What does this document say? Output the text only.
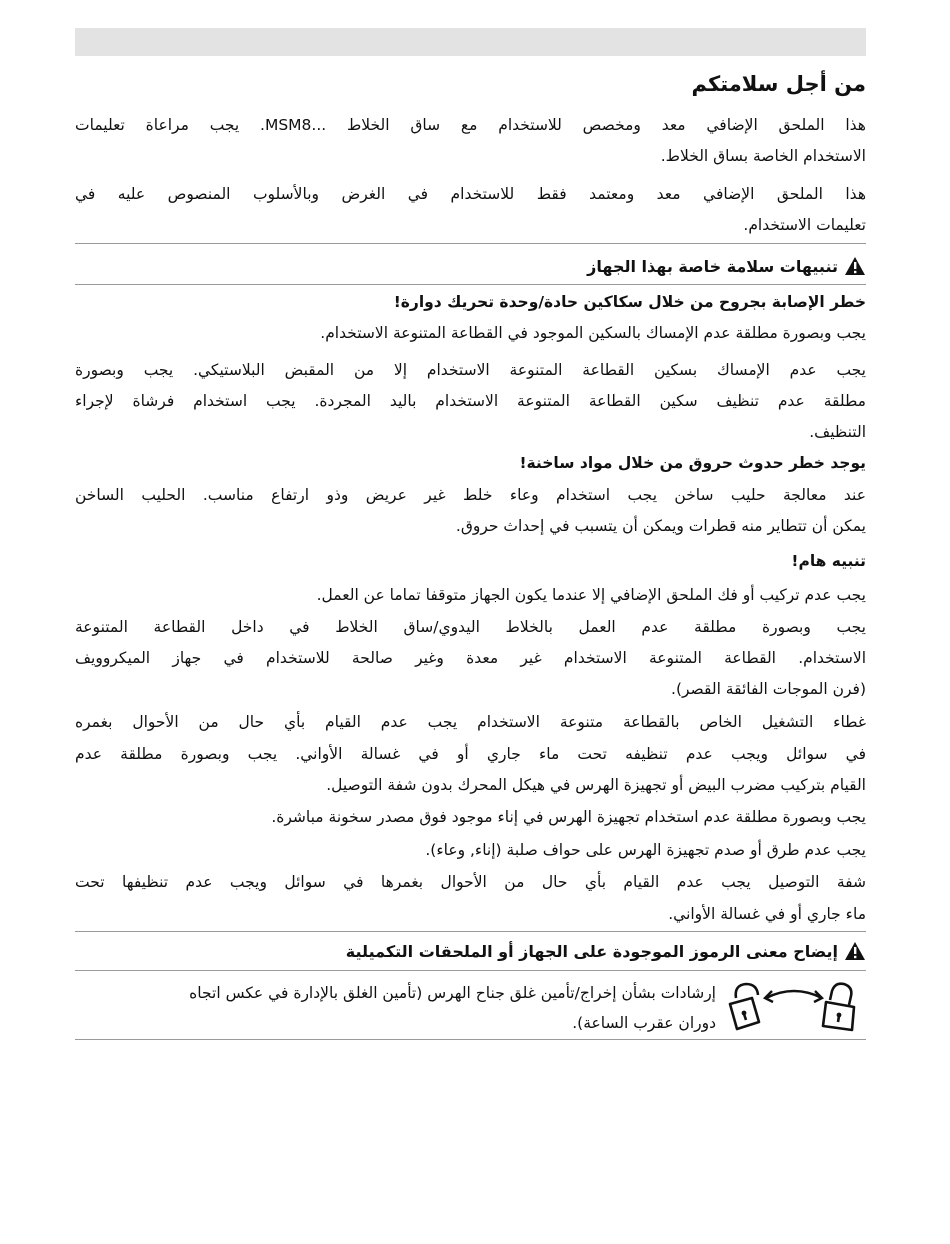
من أجل سلامتكم
هذا الملحق الإضافي معد ومخصص للاستخدام مع ساق الخلاط ...MSM8. يجب مراعاة تعليمات
الاستخدام الخاصة بساق الخلاط.
هذا الملحق الإضافي معد ومعتمد فقط للاستخدام في الغرض وبالأسلوب المنصوص عليه في
تعليمات الاستخدام.
تنبيهات سلامة خاصة بهذا الجهاز
خطر الإصابة بجروح من خلال سكاكين حادة/وحدة تحريك دوارة!
يجب وبصورة مطلقة عدم الإمساك بالسكين الموجود في القطاعة المتنوعة الاستخدام.
يجب عدم الإمساك بسكين القطاعة المتنوعة الاستخدام إلا من المقبض البلاستيكي. يجب وبصورة
مطلقة عدم تنظيف سكين القطاعة المتنوعة الاستخدام باليد المجردة. يجب استخدام فرشاة لإجراء
التنظيف.
يوجد خطر حدوث حروق من خلال مواد ساخنة!
عند معالجة حليب ساخن يجب استخدام وعاء خلط غير عريض وذو ارتفاع مناسب. الحليب الساخن
يمكن أن تتطاير منه قطرات ويمكن أن يتسبب في إحداث حروق.
تنبيه هام!
يجب عدم تركيب أو فك الملحق الإضافي إلا عندما يكون الجهاز متوقفا تماما عن العمل.
يجب وبصورة مطلقة عدم العمل بالخلاط اليدوي/ساق الخلاط في داخل القطاعة المتنوعة
الاستخدام. القطاعة المتنوعة الاستخدام غير معدة وغير صالحة للاستخدام في جهاز الميكروويف
(فرن الموجات الفائقة القصر).
غطاء التشغيل الخاص بالقطاعة متنوعة الاستخدام يجب عدم القيام بأي حال من الأحوال بغمره
في سوائل ويجب عدم تنظيفه تحت ماء جاري أو في غسالة الأواني. يجب وبصورة مطلقة عدم
القيام بتركيب مضرب البيض أو تجهيزة الهرس في هيكل المحرك بدون شفة التوصيل.
يجب وبصورة مطلقة عدم استخدام تجهيزة الهرس في إناء موجود فوق مصدر سخونة مباشرة.
يجب عدم طرق أو صدم تجهيزة الهرس على حواف صلبة (إناء, وعاء).
شفة التوصيل يجب عدم القيام بأي حال من الأحوال بغمرها في سوائل ويجب عدم تنظيفها تحت
ماء جاري أو في غسالة الأواني.
إيضاح معنى الرموز الموجودة على الجهاز أو الملحقات التكميلية
إرشادات بشأن إخراج/تأمين غلق جناح الهرس (تأمين الغلق بالإدارة في عكس اتجاه
دوران عقرب الساعة).
